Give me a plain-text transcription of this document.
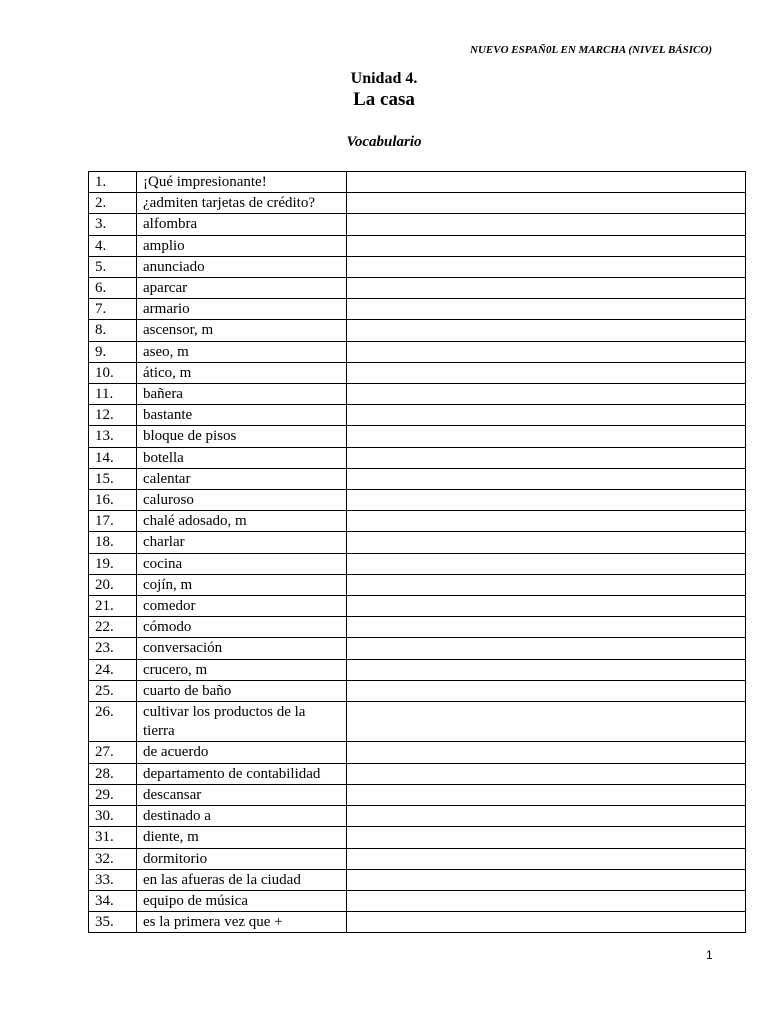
NUEVO ESPAÑ0L EN MARCHA (NIVEL BÁSICO)
Unidad 4.
La casa
Vocabulario
1.	¡Qué impresionante!	
2.	¿admiten tarjetas de crédito?	
3.	alfombra	
4.	amplio	
5.	anunciado	
6.	aparcar	
7.	armario	
8.	ascensor, m	
9.	aseo, m	
10.	ático, m	
11.	bañera	
12.	bastante	
13.	bloque de pisos	
14.	botella	
15.	calentar	
16.	caluroso	
17.	chalé adosado, m	
18.	charlar	
19.	cocina	
20.	cojín, m	
21.	comedor	
22.	cómodo	
23.	conversación	
24.	crucero, m	
25.	cuarto de baño	
26.	cultivar los productos de la tierra	
27.	de acuerdo	
28.	departamento de contabilidad	
29.	descansar	
30.	destinado a	
31.	diente, m	
32.	dormitorio	
33.	en las afueras de la ciudad	
34.	equipo de música	
35.	es la primera vez que +	
1
